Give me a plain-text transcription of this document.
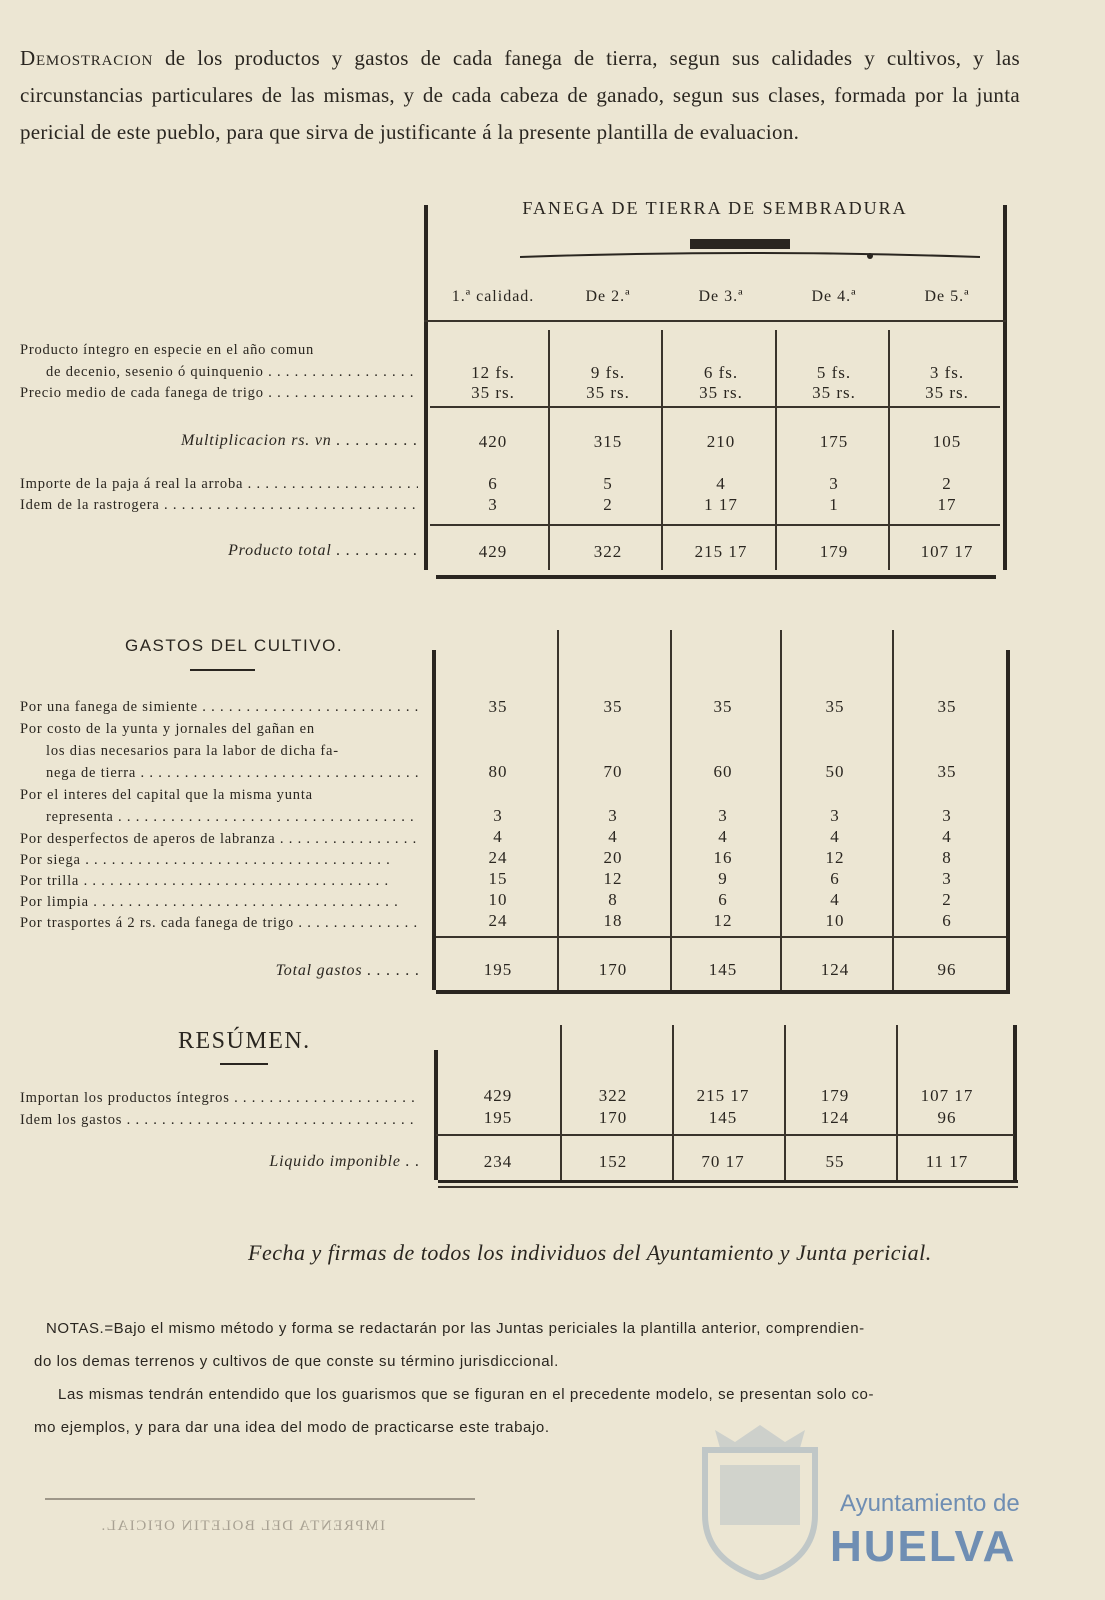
Demostracion de los productos y gastos de cada fanega de tierra, segun sus calidades y cultivos, y las circunstancias particulares de las mismas, y de cada cabeza de ganado, segun sus clases, formada por la junta pericial de este pueblo, para que sirva de justificante á la presente plantilla de evaluacion.
FANEGA DE TIERRA DE SEMBRADURA
1.ª calidad.	De 2.ª	De 3.ª	De 4.ª	De 5.ª
Producto íntegro en especie en el año comun
de decenio, sesenio ó quinquenio . . .	12 fs.	9 fs.	6 fs.	5 fs.	3 fs.
Precio medio de cada fanega de trigo . . .	35 rs.	35 rs.	35 rs.	35 rs.	35 rs.
Multiplicacion rs. vn . . . . . . . . .	420	315	210	175	105
Importe de la paja á real la arroba . . .	6	5	4	3	2
Idem de la rastrogera . . .	3	2	1 17	1	17
Producto total . . . . . . . . .	429	322	215 17	179	107 17
GASTOS DEL CULTIVO.
Por una fanega de simiente . . .	35	35	35	35	35
Por costo de la yunta y jornales del gañan en
los dias necesarios para la labor de dicha fa-
nega de tierra . . .	80	70	60	50	35
Por el interes del capital que la misma yunta
representa . . .	3	3	3	3	3
Por desperfectos de aperos de labranza . . .	4	4	4	4	4
Por siega . . .	24	20	16	12	8
Por trilla . . .	15	12	9	6	3
Por limpia . . .	10	8	6	4	2
Por trasportes á 2 rs. cada fanega de trigo . . .	24	18	12	10	6
Total gastos . . . . . .	195	170	145	124	96
RESÚMEN.
Importan los productos íntegros . . .	429	322	215 17	179	107 17
Idem los gastos . . .	195	170	145	124	96
Liquido imponible . .	234	152	70 17	55	11 17
Fecha y firmas de todos los individuos del Ayuntamiento y Junta pericial.
NOTAS.=Bajo el mismo método y forma se redactarán por las Juntas periciales la plantilla anterior, comprendien-
do los demas terrenos y cultivos de que conste su término jurisdiccional.
Las mismas tendrán entendido que los guarismos que se figuran en el precedente modelo, se presentan solo co-
mo ejemplos, y para dar una idea del modo de practicarse este trabajo.
IMPRENTA DEL BOLETIN OFICIAL.
Ayuntamiento de
HUELVA
